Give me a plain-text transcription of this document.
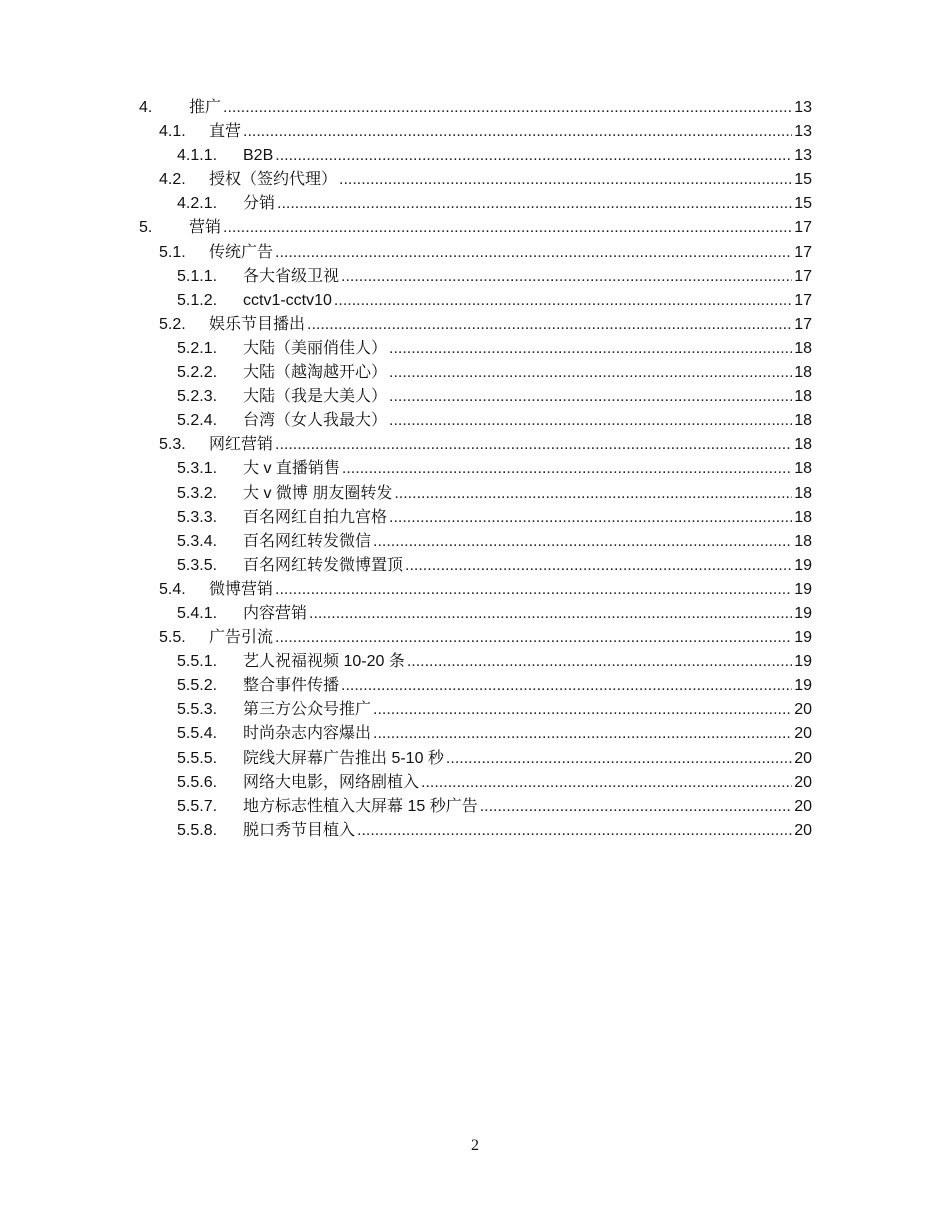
4.	推广 .....	13
4.1.	直营 .....	13
4.1.1.	B2B .....	13
4.2.	授权（签约代理） .....	15
4.2.1.	分销 .....	15
5.	营销 .....	17
5.1.	传统广告 .....	17
5.1.1.	各大省级卫视 .....	17
5.1.2.	cctv1-cctv10 .....	17
5.2.	娱乐节目播出 .....	17
5.2.1.	大陆（美丽俏佳人） .....	18
5.2.2.	大陆（越淘越开心） .....	18
5.2.3.	大陆（我是大美人） .....	18
5.2.4.	台湾（女人我最大） .....	18
5.3.	网红营销 .....	18
5.3.1.	大 v 直播销售 .....	18
5.3.2.	大 v 微博 朋友圈转发 .....	18
5.3.3.	百名网红自拍九宫格 .....	18
5.3.4.	百名网红转发微信 .....	18
5.3.5.	百名网红转发微博置顶 .....	19
5.4.	微博营销 .....	19
5.4.1.	内容营销 .....	19
5.5.	广告引流 .....	19
5.5.1.	艺人祝福视频 10-20 条 .....	19
5.5.2.	整合事件传播 .....	19
5.5.3.	第三方公众号推广 .....	20
5.5.4.	时尚杂志内容爆出 .....	20
5.5.5.	院线大屏幕广告推出 5-10 秒 .....	20
5.5.6.	网络大电影，网络剧植入 .....	20
5.5.7.	地方标志性植入大屏幕 15 秒广告 .....	20
5.5.8.	脱口秀节目植入 .....	20
2
